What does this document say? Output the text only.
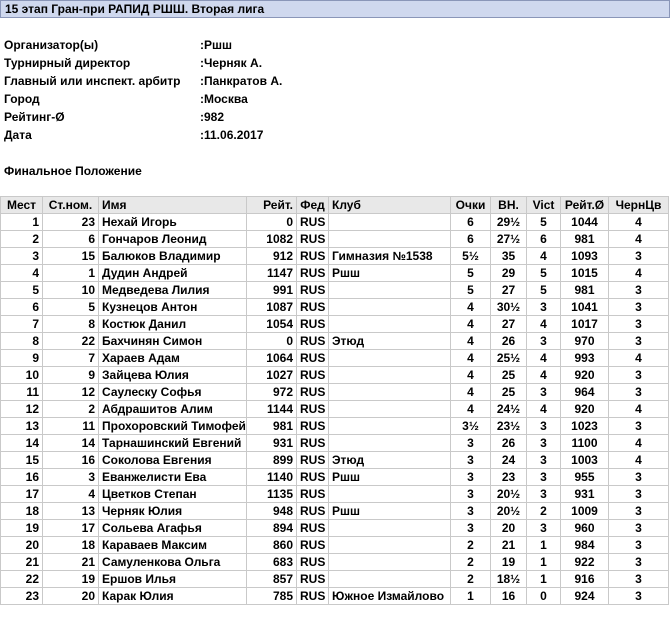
15 этап Гран-при РАПИД РШШ. Вторая лига
Организатор(ы)	:Ршш
Турнирный директор	:Черняк А.
Главный или инспект. арбитр :Панкратов А.
Город	:Москва
Рейтинг-Ø	:982
Дата	:11.06.2017
Финальное Положение
Мест	Ст.ном.	Имя	Рейт.	Фед	Клуб	Очки	ВН.	Vict	Рейт.Ø	ЧернЦв
1	23	Нехай Игорь	0	RUS		6	29½	5	1044	4
2	6	Гончаров Леонид	1082	RUS		6	27½	6	981	4
3	15	Балюков Владимир	912	RUS	Гимназия №1538	5½	35	4	1093	3
4	1	Дудин Андрей	1147	RUS	Ршш	5	29	5	1015	4
5	10	Медведева Лилия	991	RUS		5	27	5	981	3
6	5	Кузнецов Антон	1087	RUS		4	30½	3	1041	3
7	8	Костюк Данил	1054	RUS		4	27	4	1017	3
8	22	Бахчинян Симон	0	RUS	Этюд	4	26	3	970	3
9	7	Хараев Адам	1064	RUS		4	25½	4	993	4
10	9	Зайцева Юлия	1027	RUS		4	25	4	920	3
11	12	Саулеску Софья	972	RUS		4	25	3	964	3
12	2	Абдрашитов Алим	1144	RUS		4	24½	4	920	4
13	11	Прохоровский Тимофей	981	RUS		3½	23½	3	1023	3
14	14	Тарнашинский Евгений	931	RUS		3	26	3	1100	4
15	16	Соколова Евгения	899	RUS	Этюд	3	24	3	1003	4
16	3	Еванжелисти Ева	1140	RUS	Ршш	3	23	3	955	3
17	4	Цветков Степан	1135	RUS		3	20½	3	931	3
18	13	Черняк Юлия	948	RUS	Ршш	3	20½	2	1009	3
19	17	Сольева Агафья	894	RUS		3	20	3	960	3
20	18	Караваев Максим	860	RUS		2	21	1	984	3
21	21	Самуленкова Ольга	683	RUS		2	19	1	922	3
22	19	Ершов Илья	857	RUS		2	18½	1	916	3
23	20	Карак Юлия	785	RUS	Южное Измайлово	1	16	0	924	3
